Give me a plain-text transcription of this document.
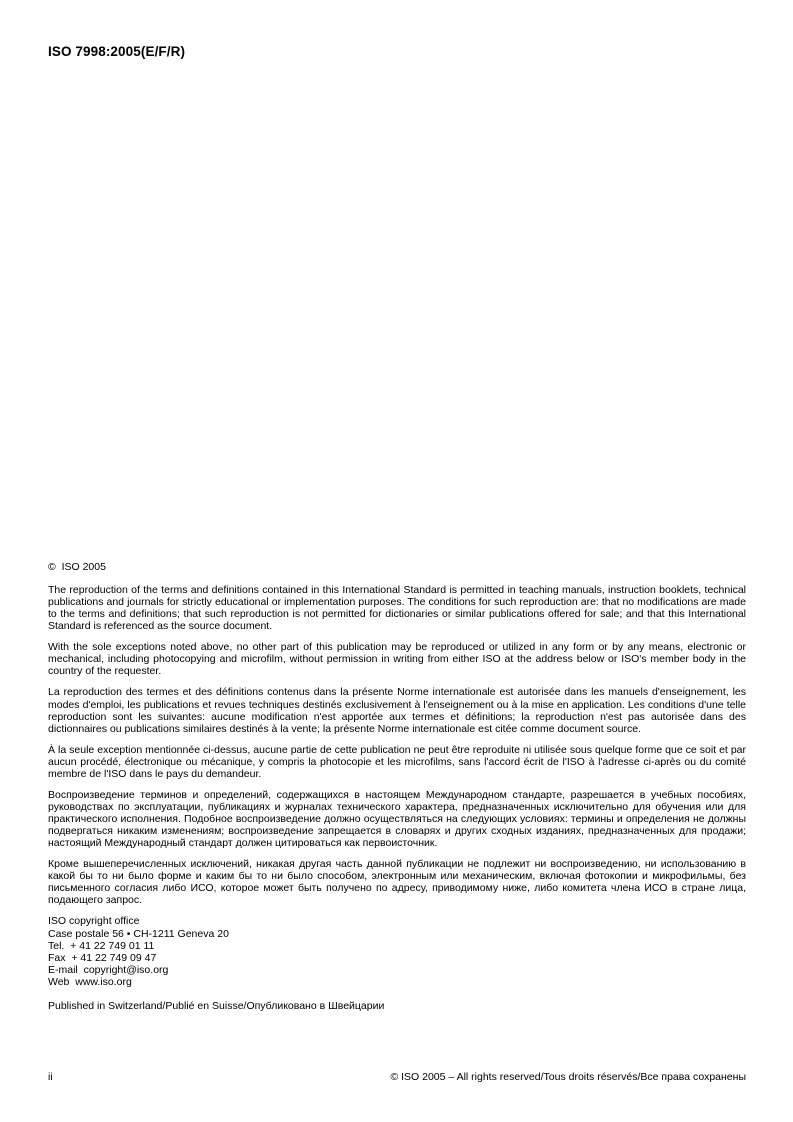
ISO 7998:2005(E/F/R)

©  ISO 2005

The reproduction of the terms and definitions contained in this International Standard is permitted in teaching manuals, instruction booklets, technical publications and journals for strictly educational or implementation purposes. The conditions for such reproduction are: that no modifications are made to the terms and definitions; that such reproduction is not permitted for dictionaries or similar publications offered for sale; and that this International Standard is referenced as the source document.

With the sole exceptions noted above, no other part of this publication may be reproduced or utilized in any form or by any means, electronic or mechanical, including photocopying and microfilm, without permission in writing from either ISO at the address below or ISO's member body in the country of the requester.

La reproduction des termes et des définitions contenus dans la présente Norme internationale est autorisée dans les manuels d'enseignement, les modes d'emploi, les publications et revues techniques destinés exclusivement à l'enseignement ou à la mise en application. Les conditions d'une telle reproduction sont les suivantes: aucune modification n'est apportée aux termes et définitions; la reproduction n'est pas autorisée dans des dictionnaires ou publications similaires destinés à la vente; la présente Norme internationale est citée comme document source.

À la seule exception mentionnée ci-dessus, aucune partie de cette publication ne peut être reproduite ni utilisée sous quelque forme que ce soit et par aucun procédé, électronique ou mécanique, y compris la photocopie et les microfilms, sans l'accord écrit de l'ISO à l'adresse ci-après ou du comité membre de l'ISO dans le pays du demandeur.

Воспроизведение терминов и определений, содержащихся в настоящем Международном стандарте, разрешается в учебных пособиях, руководствах по эксплуатации, публикациях и журналах технического характера, предназначенных исключительно для обучения или для практического исполнения. Подобное воспроизведение должно осуществляться на следующих условиях: термины и определения не должны подвергаться никаким изменениям; воспроизведение запрещается в словарях и других сходных изданиях, предназначенных для продажи; настоящий Международный стандарт должен цитироваться как первоисточник.

Кроме вышеперечисленных исключений, никакая другая часть данной публикации не подлежит ни воспроизведению, ни использованию в какой бы то ни было форме и каким бы то ни было способом, электронным или механическим, включая фотокопии и микрофильмы, без письменного согласия либо ИСО, которое может быть получено по адресу, приводимому ниже, либо комитета члена ИСО в стране лица, подающего запрос.

ISO copyright office

Case postale 56 • CH-1211 Geneva 20

Tel.  + 41 22 749 01 11

Fax  + 41 22 749 09 47

E-mail  copyright@iso.org

Web  www.iso.org

Published in Switzerland/Publié en Suisse/Опубликовано в Швейцарии

ii	© ISO 2005 – All rights reserved/Tous droits réservés/Все права сохранены
